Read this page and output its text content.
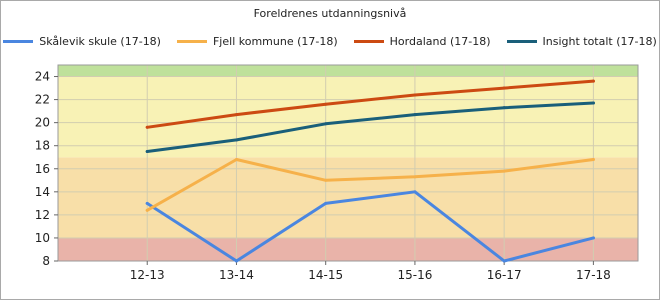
Foreldrenes utdanningsnivå
Skålevik skule (17-18)	Fjell kommune (17-18)	Hordaland (17-18)	Insight totalt (17-18)
8
10
12
14
16
18
20
22
24
12-13	13-14	14-15	15-16	16-17	17-18
